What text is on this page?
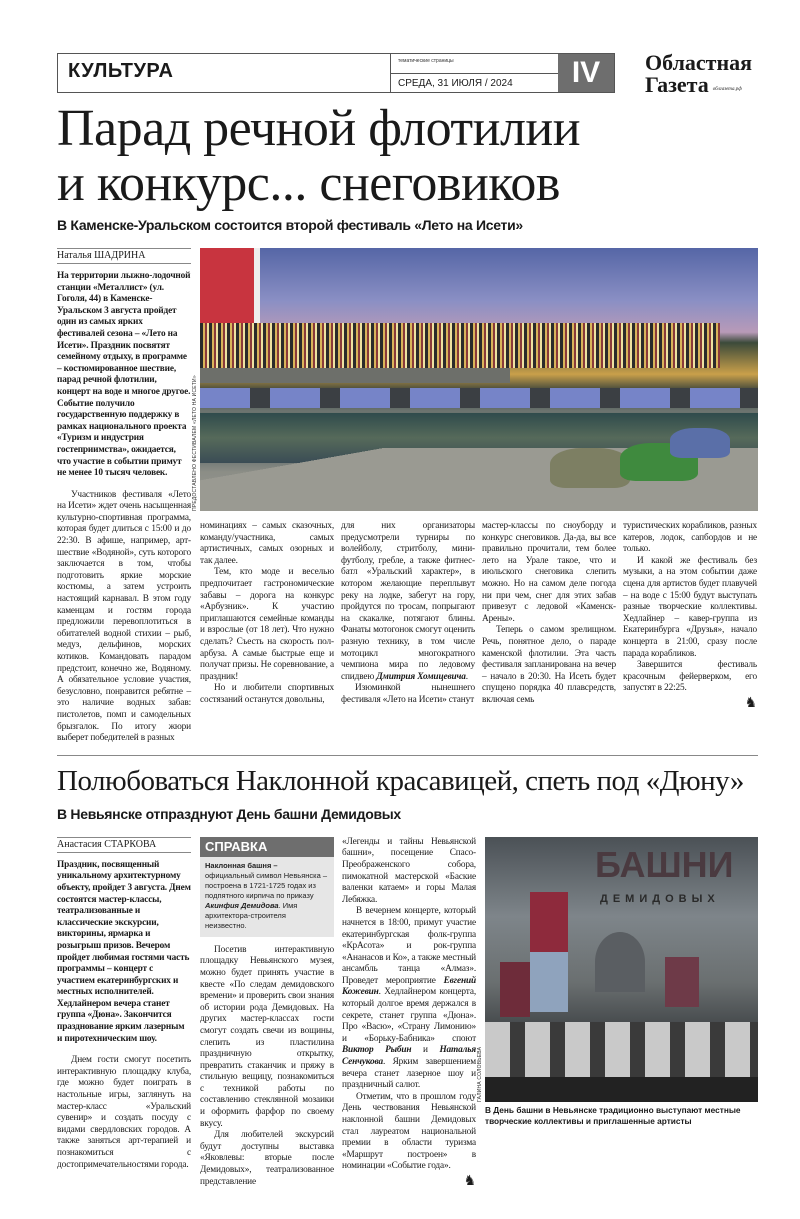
КУЛЬТУРА	тематические страницы
СРЕДА, 31 ИЮЛЯ / 2024	IV	Областная
Газета облгазета.рф
Парад речной флотилии
и конкурс... снеговиков
В Каменске-Уральском состоится второй фестиваль «Лето на Исети»
Наталья ШАДРИНА
На территории лыжно-лодочной станции «Металлист» (ул. Гоголя, 44) в Каменске-Уральском 3 августа пройдет один из самых ярких фестивалей сезона – «Лето на Исети». Праздник посвятят семейному отдыху, в программе – костюмированное шествие, парад речной флотилии, концерт на воде и многое другое. Событие получило государственную поддержку в рамках национального проекта «Туризм и индустрия гостеприимства», ожидается, что участие в событии примут не менее 10 тысяч человек.

Участников фестиваля «Лето на Исети» ждет очень насыщенная культурно-спортивная программа, которая будет длиться с 15:00 и до 22:30. В афише, например, арт-шествие «Водяной», суть которого заключается в том, чтобы подготовить яркие морские костюмы, а затем устроить настоящий карнавал. В этом году каменцам и гостям города предложили перевоплотиться в обитателей водной стихии – рыб, медуз, дельфинов, морских котиков. Командовать парадом предстоит, конечно же, Водяному. А обязательное условие участия, безусловно, понравится ребятне – это наличие водных забав: пистолетов, помп и самодельных брызгалок. По итогу жюри выберет победителей в разных

ПРЕДОСТАВЛЕНО ФЕСТИВАЛЕМ «ЛЕТО НА ИСЕТИ»

номинациях – самых сказочных, команду/участника, самых артистичных, самых озорных и так далее.

Тем, кто моде и веселью предпочитает гастрономические забавы – дорога на конкурс «Арбузник». К участию приглашаются семейные команды и взрослые (от 18 лет). Что нужно сделать? Съесть на скорость пол-арбуза. А самые быстрые еще и получат призы. Не соревнование, а праздник!

Но и любители спортивных состязаний останутся довольны,

для них организаторы предусмотрели турниры по волейболу, стритболу, мини-футболу, гребле, а также фитнес-батл «Уральский характер», в котором желающие переплывут реку на лодке, забегут на гору, пройдутся по тросам, попрыгают на скакалке, потягают блины. Фанаты мотогонок смогут оценить разную технику, в том числе мотоцикл многократного чемпиона мира по ледовому спидвею Дмитрия Хомицевича.

Изюминкой нынешнего фестиваля «Лето на Исети» станут

мастер-классы по сноуборду и конкурс снеговиков. Да-да, вы все правильно прочитали, тем более лето на Урале такое, что и июльского снеговика слепить можно. Но на самом деле погода ни при чем, снег для этих забав привезут с ледовой «Каменск-Арены».

Теперь о самом зрелищном. Речь, понятное дело, о параде каменской флотилии. Эта часть фестиваля запланирована на вечер – начало в 20:30. На Исеть будет спущено порядка 40 плавсредств, включая семь

туристических корабликов, разных катеров, лодок, сапбордов и не только.

И какой же фестиваль без музыки, а на этом событии даже сцена для артистов будет плавучей – на воде с 15:00 будут выступать разные творческие коллективы. Хедлайнер – кавер-группа из Екатеринбурга «Друзья», начало концерта в 21:00, сразу после парада корабликов.

Завершится фестиваль красочным фейерверком, его запустят в 22:25.

♞
Полюбоваться Наклонной красавицей, спеть под «Дюну»
В Невьянске отпразднуют День башни Демидовых
Анастасия СТАРКОВА
Праздник, посвященный уникальному архитектурному объекту, пройдет 3 августа. Днем состоятся мастер-классы, театрализованные и классические экскурсии, викторины, ярмарка и розыгрыш призов. Вечером пройдет любимая гостями часть программы – концерт с участием екатеринбургских и местных исполнителей. Хедлайнером вечера станет группа «Дюна». Закончится празднование ярким лазерным и пиротехническим шоу.

Днем гости смогут посетить интерактивную площадку клуба, где можно будет поиграть в настольные игры, заглянуть на мастер-класс «Уральский сувенир» и создать посуду с видами свердловских городов. А также заняться арт-терапией и познакомиться с достопримечательностями города.

СПРАВКА
Наклонная башня –
официальный символ Невьянска – построена в 1721-1725 годах из подпятного кирпича по приказу Акинфия Демидова. Имя архитектора-строителя неизвестно.

Посетив интерактивную площадку Невьянского музея, можно будет принять участие в квесте «По следам демидовского времени» и проверить свои знания об истории рода Демидовых. На других мастер-классах гости смогут создать свечи из вощины, слепить из пластилина праздничную открытку, превратить стаканчик и пряжу в стильную вещицу, познакомиться с техникой работы по составлению стеклянной мозаики и оформить фарфор по своему вкусу.

Для любителей экскурсий будут доступны выставка «Яковлевы: вторые после Демидовых», театрализованное представление

«Легенды и тайны Невьянской башни», посещение Спасо-Преображенского собора, пимокатной мастерской «Баские валенки катаем» и горы Малая Лебяжка.

В вечернем концерте, который начнется в 18:00, примут участие екатеринбургская фолк-группа «КрАсота» и рок-группа «Ананасов и Ко», а также местный ансамбль танца «Алмаз». Проведет мероприятие Евгений Кожевин. Хедлайнером концерта, который долгое время держался в секрете, станет группа «Дюна». Про «Васю», «Страну Лимонию» и «Борьку-Бабника» споют Виктор Рыбин и Наталья Сенчукова. Ярким завершением вечера станет лазерное шоу и праздничный салют.

Отметим, что в прошлом году День чествования Невьянской наклонной башни Демидовых стал лауреатом национальной премии в области туризма «Маршрут построен» в номинации «Событие года».

♞
ГАЛИНА СОЛОВЬЕВА
БАШНИ
ДЕМИДОВЫХ
В День башни в Невьянске традиционно выступают местные творческие коллективы и приглашенные артисты
